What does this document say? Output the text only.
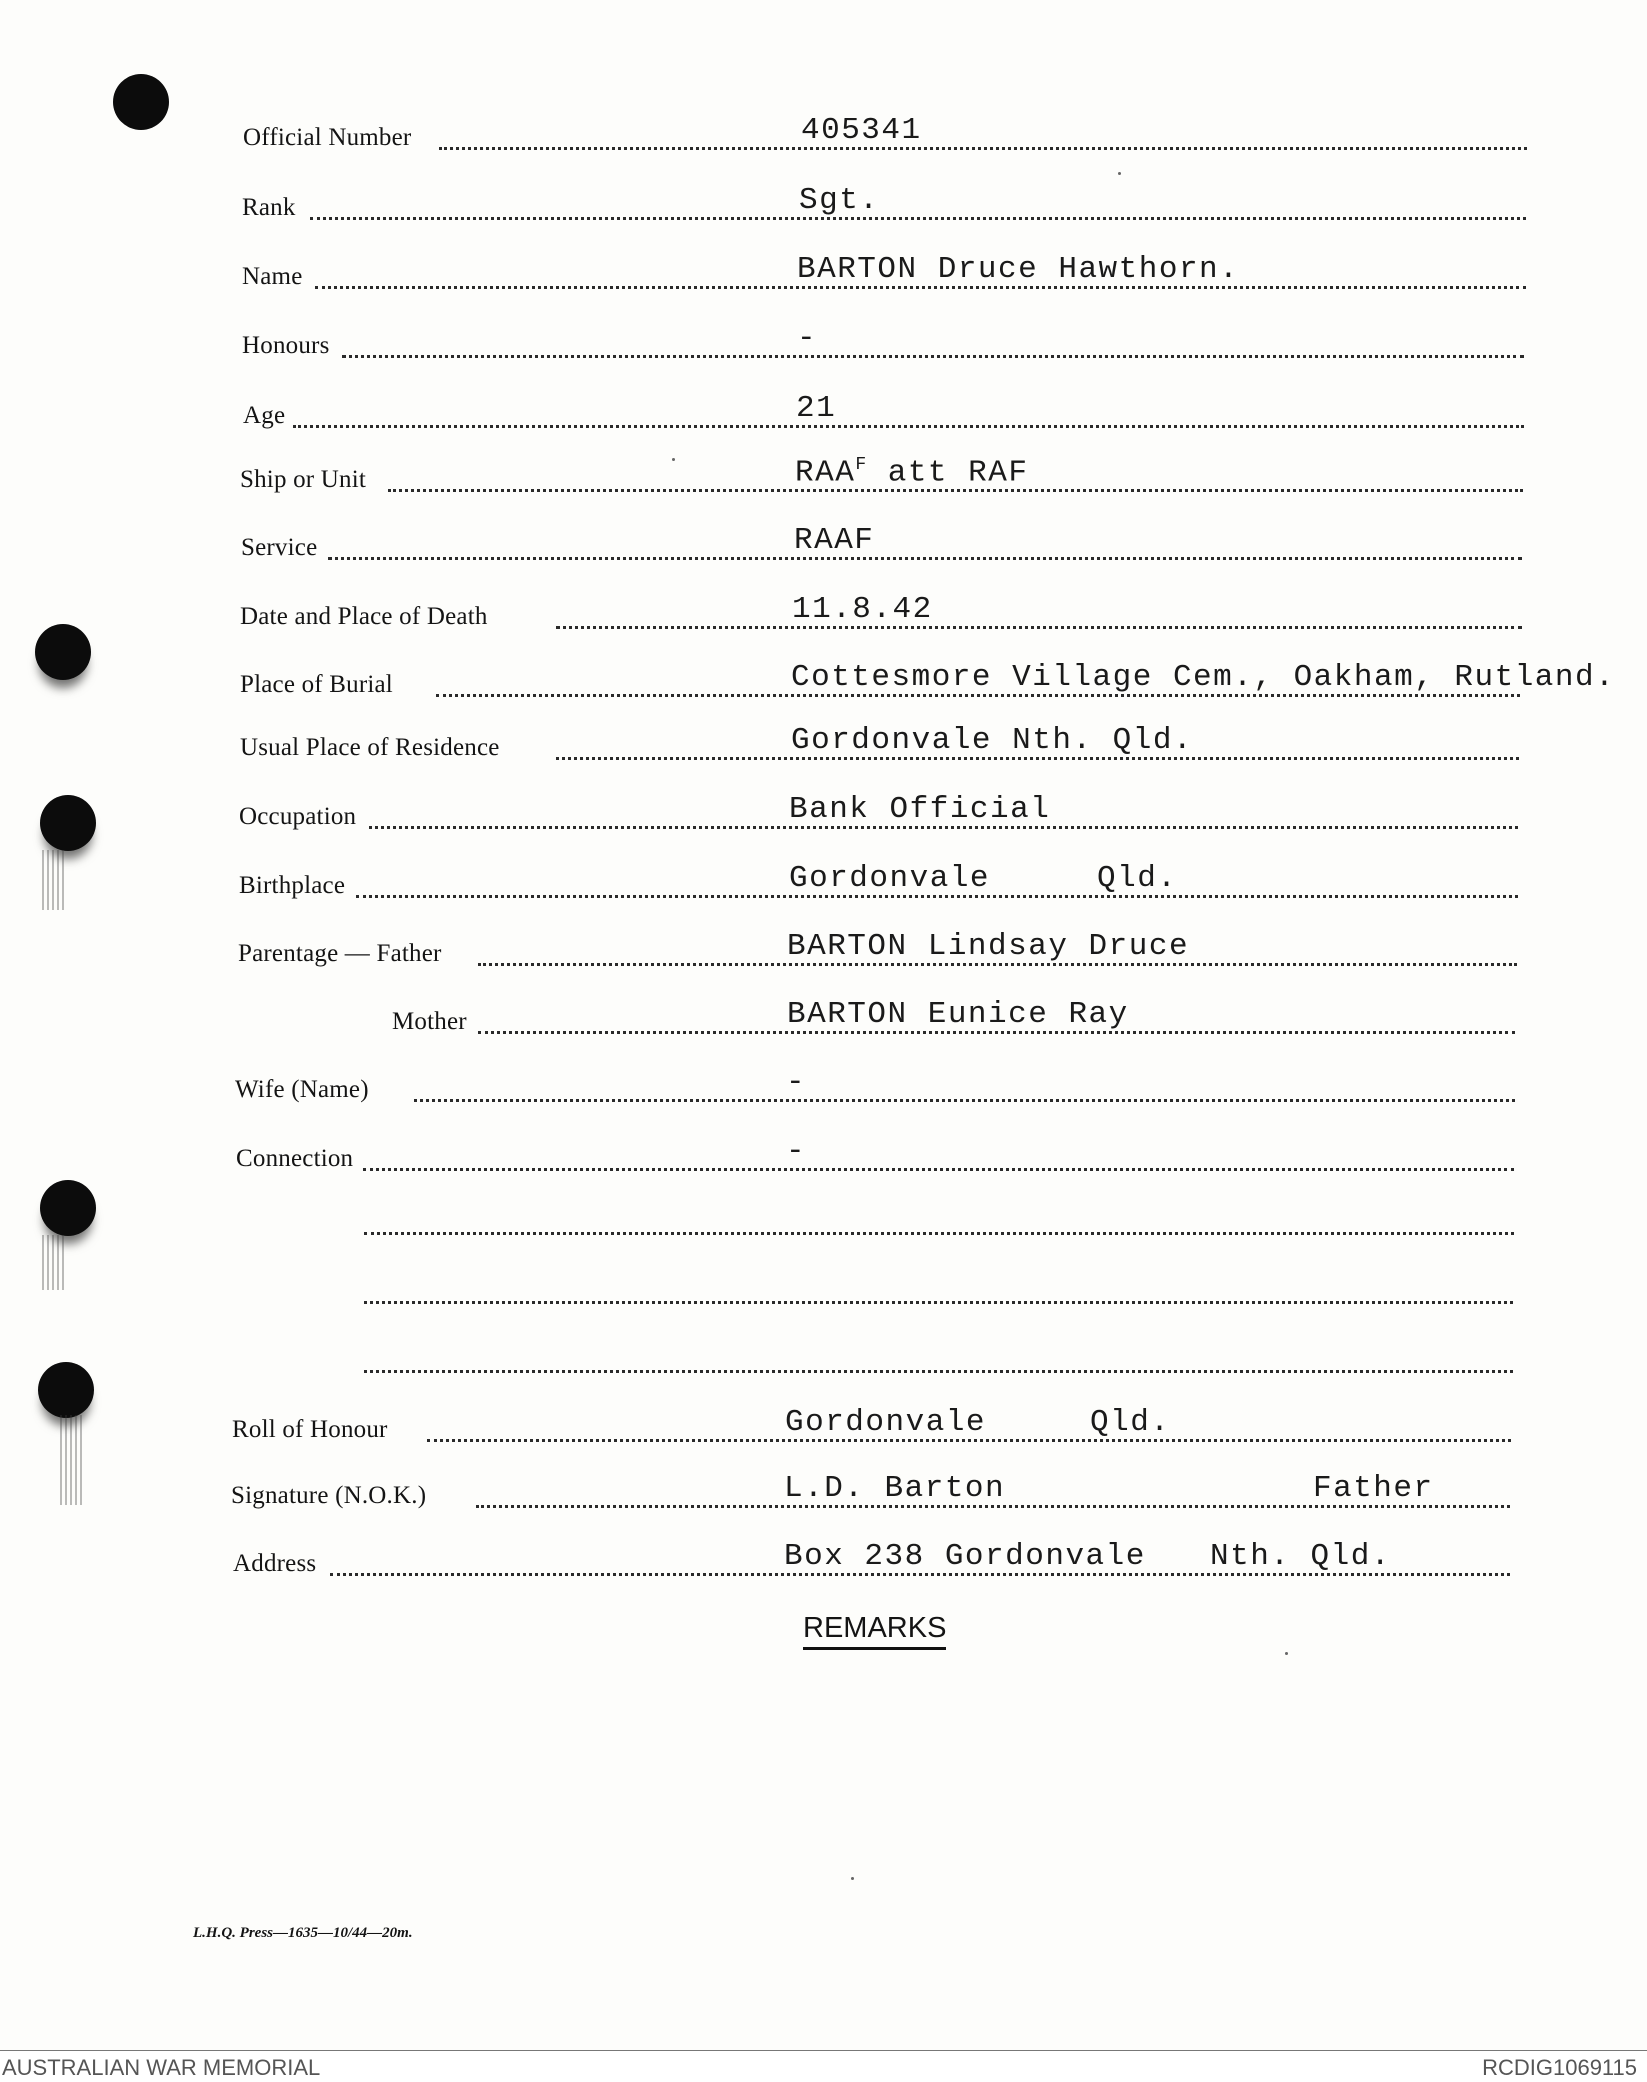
Official Number	405341
Rank	Sgt.
Name	BARTON Druce Hawthorn.
Honours	-
Age	21
Ship or Unit	$RAA^F$ att RAF
Service	RAAF
Date and Place of Death	11.8.42
Place of Burial	Cottesmore Village Cem., Oakham, Rutland.
Usual Place of Residence	Gordonvale Nth. Qld.
Occupation	Bank Official
Birthplace	Gordonvale	Qld.
Parentage — Father	BARTON Lindsay Druce
Mother	BARTON Eunice Ray
Wife (Name)	-
Connection	-
Roll of Honour	Gordonvale	Qld.
Signature (N.O.K.)	L.D. Barton	Father
Address	Box 238 Gordonvale Nth. Qld.
REMARKS
L.H.Q. Press—1635—10/44—20m.
AUSTRALIAN WAR MEMORIAL	RCDIG1069115
